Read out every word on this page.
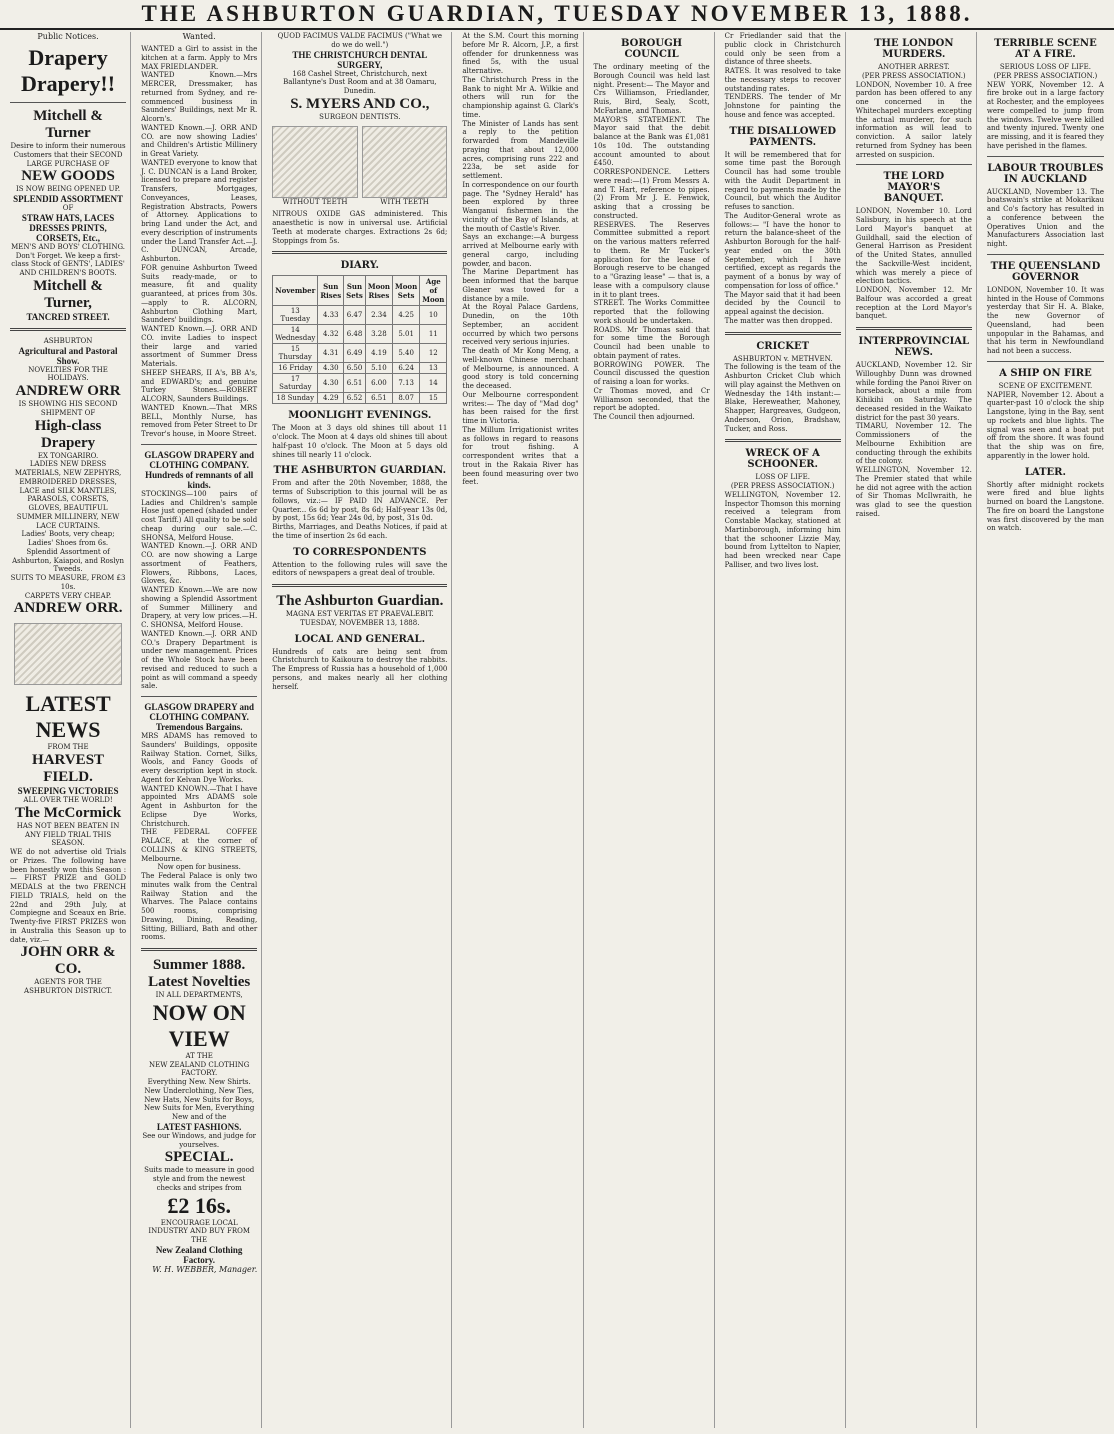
THE ASHBURTON GUARDIAN, TUESDAY NOVEMBER 13, 1888.
Public Notices.
Drapery Drapery!!
Mitchell & Turner
Desire to inform their numerous Customers that their SECOND LARGE PURCHASE OF
NEW GOODS
IS NOW BEING OPENED UP.
SPLENDID ASSORTMENT
OF
STRAW HATS, LACES DRESSES PRINTS, CORSETS, Etc.,
MEN'S AND BOYS' CLOTHING.
Don't Forget. We keep a first-class Stock of GENTS', LADIES' AND CHILDREN'S BOOTS.
Mitchell & Turner,
TANCRED STREET.
ASHBURTON
Agricultural and Pastoral Show.
NOVELTIES FOR THE HOLIDAYS.
ANDREW ORR
IS SHOWING HIS SECOND SHIPMENT OF
High-class Drapery
EX TONGARIRO.
LADIES NEW DRESS MATERIALS, NEW ZEPHYRS, EMBROIDERED DRESSES, LACE and SILK MANTLES, PARASOLS, CORSETS, GLOVES, BEAUTIFUL SUMMER MILLINERY, NEW LACE CURTAINS.
Ladies' Boots, very cheap; Ladies' Shoes from 6s.
Splendid Assortment of Ashburton, Kaiapoi, and Roslyn Tweeds.
SUITS TO MEASURE, FROM £3 10s.
CARPETS VERY CHEAP.
ANDREW ORR.
LATEST NEWS
FROM THE
HARVEST FIELD.
SWEEPING VICTORIES
ALL OVER THE WORLD!
The McCormick
HAS NOT BEEN BEATEN IN ANY FIELD TRIAL THIS SEASON.
WE do not advertise old Trials or Prizes. The following have been honestly won this Season :— FIRST PRIZE and GOLD MEDALS at the two FRENCH FIELD TRIALS, held on the 22nd and 29th July, at Compiegne and Sceaux en Brie. Twenty-five FIRST PRIZES won in Australia this Season up to date, viz.—
JOHN ORR & CO.
AGENTS FOR THE ASHBURTON DISTRICT.
Wanted.
WANTED a Girl to assist in the kitchen at a farm. Apply to Mrs MAX FRIEDLANDER.
WANTED Known.—Mrs MERCER, Dressmaker, has returned from Sydney, and re-commenced business in Saunders' Buildings, next Mr R. Alcorn's.
WANTED Known.—J. ORR AND CO. are now showing Ladies' and Children's Artistic Millinery in Great Variety.
WANTED everyone to know that J. C. DUNCAN is a Land Broker, licensed to prepare and register Transfers, Mortgages, Conveyances, Leases, Registration Abstracts, Powers of Attorney. Applications to bring Land under the Act, and every description of instruments under the Land Transfer Act.—J. C. DUNCAN, Arcade, Ashburton.
FOR genuine Ashburton Tweed Suits ready-made, or to measure, fit and quality guaranteed, at prices from 30s.—apply to R. ALCORN, Ashburton Clothing Mart, Saunders' buildings.
WANTED Known.—J. ORR AND CO. invite Ladies to inspect their large and varied assortment of Summer Dress Materials.
SHEEP SHEARS, II A's, BB A's, and EDWARD's; and genuine Turkey Stones.—ROBERT ALCORN, Saunders Buildings.
WANTED Known.—That MRS BELL, Monthly Nurse, has removed from Peter Street to Dr Trevor's house, in Moore Street.
GLASGOW DRAPERY and CLOTHING COMPANY. Hundreds of remnants of all kinds.
STOCKINGS—100 pairs of Ladies and Children's sample Hose just opened (shaded under cost Tariff.) All quality to be sold cheap during our sale.—C. SHONSA, Melford House.
WANTED Known.—J. ORR AND CO. are now showing a Large assortment of Feathers, Flowers, Ribbons, Laces, Gloves, &c.
WANTED Known.—We are now showing a Splendid Assortment of Summer Millinery and Drapery, at very low prices.—H. C. SHONSA, Melford House.
WANTED Known.—J. ORR AND CO.'s Drapery Department is under new management. Prices of the Whole Stock have been revised and reduced to such a point as will command a speedy sale.
GLASGOW DRAPERY and CLOTHING COMPANY. Tremendous Bargains.
MRS ADAMS has removed to Saunders' Buildings, opposite Railway Station. Cornet, Silks, Wools, and Fancy Goods of every description kept in stock. Agent for Kelvan Dye Works.
WANTED KNOWN.—That I have appointed Mrs ADAMS sole Agent in Ashburton for the Eclipse Dye Works, Christchurch.
THE FEDERAL COFFEE PALACE, at the corner of COLLINS & KING STREETS, Melbourne.
Now open for business.
The Federal Palace is only two minutes walk from the Central Railway Station and the Wharves. The Palace contains 500 rooms, comprising Drawing, Dining, Reading, Sitting, Billiard, Bath and other rooms.
Summer 1888.
Latest Novelties
IN ALL DEPARTMENTS,
NOW ON VIEW
AT THE
NEW ZEALAND CLOTHING FACTORY.
Everything New. New Shirts. New Underclothing, New Ties, New Hats, New Suits for Boys, New Suits for Men, Everything New and of the
LATEST FASHIONS.
See our Windows, and judge for yourselves.
SPECIAL.
Suits made to measure in good style and from the newest checks and stripes from
£2 16s.
ENCOURAGE LOCAL INDUSTRY AND BUY FROM THE
New Zealand Clothing Factory.
W. H. WEBBER, Manager.
QUOD FACIMUS VALDE FACIMUS ("What we do we do well.")
THE CHRISTCHURCH DENTAL SURGERY,
168 Cashel Street, Christchurch, next Ballantyne's Dust Room and at 38 Oamaru, Dunedin.
S. MYERS AND CO.,
SURGEON DENTISTS.
WITHOUT TEETH	WITH TEETH
NITROUS OXIDE GAS administered. This anaesthetic is now in universal use. Artificial Teeth at moderate charges. Extractions 2s 6d; Stoppings from 5s.
DIARY.
November	Sun Rises	Sun Sets	Moon Rises	Moon Sets	Age of Moon
13 Tuesday	4.33	6.47	2.34	4.25	10
14 Wednesday	4.32	6.48	3.28	5.01	11
15 Thursday	4.31	6.49	4.19	5.40	12
16 Friday	4.30	6.50	5.10	6.24	13
17 Saturday	4.30	6.51	6.00	7.13	14
18 Sunday	4.29	6.52	6.51	8.07	15
MOONLIGHT EVENINGS.
The Moon at 3 days old shines till about 11 o'clock. The Moon at 4 days old shines till about half-past 10 o'clock. The Moon at 5 days old shines till nearly 11 o'clock.
THE ASHBURTON GUARDIAN.
From and after the 20th November, 1888, the terms of Subscription to this journal will be as follows, viz.:— IF PAID IN ADVANCE. Per Quarter... 6s 6d by post, 8s 6d; Half-year 13s 0d, by post, 15s 6d; Year 24s 0d, by post, 31s 0d.
Births, Marriages, and Deaths Notices, if paid at the time of insertion 2s 6d each.
TO CORRESPONDENTS
Attention to the following rules will save the editors of newspapers a great deal of trouble.
The Ashburton Guardian.
MAGNA EST VERITAS ET PRAEVALEBIT.
TUESDAY, NOVEMBER 13, 1888.
LOCAL AND GENERAL.
Hundreds of cats are being sent from Christchurch to Kaikoura to destroy the rabbits. The Empress of Russia has a household of 1,000 persons, and makes nearly all her clothing herself.
At the S.M. Court this morning before Mr R. Alcorn, J.P., a first offender for drunkenness was fined 5s, with the usual alternative.
The Christchurch Press in the Bank to night Mr A. Wilkie and others will run for the championship against G. Clark's time.
The Minister of Lands has sent a reply to the petition forwarded from Mandeville praying that about 12,000 acres, comprising runs 222 and 223a, be set aside for settlement.
In correspondence on our fourth page. The "Sydney Herald" has been explored by three Wanganui fishermen in the vicinity of the Bay of Islands, at the mouth of Castle's River.
Says an exchange:—A burgess arrived at Melbourne early with general cargo, including powder, and bacon.
The Marine Department has been informed that the barque Gleaner was towed for a distance by a mile.
At the Royal Palace Gardens, Dunedin, on the 10th September, an accident occurred by which two persons received very serious injuries.
The death of Mr Kong Meng, a well-known Chinese merchant of Melbourne, is announced. A good story is told concerning the deceased.
Our Melbourne correspondent writes:— The day of "Mad dog" has been raised for the first time in Victoria.
The Millum Irrigationist writes as follows in regard to reasons for trout fishing. A correspondent writes that a trout in the Rakaia River has been found measuring over two feet.
BOROUGH COUNCIL
The ordinary meeting of the Borough Council was held last night. Present:— The Mayor and Crs Williamson, Friedlander, Ruis, Bird, Sealy, Scott, McFarlane, and Thomas.
MAYOR'S STATEMENT. The Mayor said that the debit balance at the Bank was £1,081 10s 10d. The outstanding account amounted to about £450.
CORRESPONDENCE. Letters were read:—(1) From Messrs A. and T. Hart, reference to pipes. (2) From Mr J. E. Fenwick, asking that a crossing be constructed.
RESERVES. The Reserves Committee submitted a report on the various matters referred to them. Re Mr Tucker's application for the lease of Borough reserve to be changed to a "Grazing lease" — that is, a lease with a compulsory clause in it to plant trees.
STREET. The Works Committee reported that the following work should be undertaken.
ROADS. Mr Thomas said that for some time the Borough Council had been unable to obtain payment of rates.
BORROWING POWER. The Council discussed the question of raising a loan for works.
Cr Thomas moved, and Cr Williamson seconded, that the report be adopted.
The Council then adjourned.
Cr Friedlander said that the public clock in Christchurch could only be seen from a distance of three sheets.
RATES. It was resolved to take the necessary steps to recover outstanding rates.
TENDERS. The tender of Mr Johnstone for painting the house and fence was accepted.
THE DISALLOWED PAYMENTS.
It will be remembered that for some time past the Borough Council has had some trouble with the Audit Department in regard to payments made by the Council, but which the Auditor refuses to sanction.
The Auditor-General wrote as follows:— "I have the honor to return the balance-sheet of the Ashburton Borough for the half-year ended on the 30th September, which I have certified, except as regards the payment of a bonus by way of compensation for loss of office."
The Mayor said that it had been decided by the Council to appeal against the decision.
The matter was then dropped.
CRICKET
ASHBURTON v. METHVEN.
The following is the team of the Ashburton Cricket Club which will play against the Methven on Wednesday the 14th instant:—Blake, Hereweather, Mahoney, Shapper, Hargreaves, Gudgeon, Anderson, Orion, Bradshaw, Tucker, and Ross.
WRECK OF A SCHOONER.
LOSS OF LIFE.
(PER PRESS ASSOCIATION.)
WELLINGTON, November 12. Inspector Thomson this morning received a telegram from Constable Mackay, stationed at Martinborough, informing him that the schooner Lizzie May, bound from Lyttelton to Napier, had been wrecked near Cape Palliser, and two lives lost.
THE LONDON MURDERS.
ANOTHER ARREST.
(PER PRESS ASSOCIATION.)
LONDON, November 10. A free pardon has been offered to any one concerned in the Whitechapel murders excepting the actual murderer, for such information as will lead to conviction. A sailor lately returned from Sydney has been arrested on suspicion.
THE LORD MAYOR'S BANQUET.
LONDON, November 10. Lord Salisbury, in his speech at the Lord Mayor's banquet at Guildhall, said the election of General Harrison as President of the United States, annulled the Sackville-West incident, which was merely a piece of election tactics.
LONDON, November 12. Mr Balfour was accorded a great reception at the Lord Mayor's banquet.
INTERPROVINCIAL NEWS.
AUCKLAND, November 12. Sir Willoughby Dunn was drowned while fording the Panoi River on horseback, about a mile from Kihikihi on Saturday. The deceased resided in the Waikato district for the past 30 years.
TIMARU, November 12. The Commissioners of the Melbourne Exhibition are conducting through the exhibits of the colony.
WELLINGTON, November 12. The Premier stated that while he did not agree with the action of Sir Thomas McIlwraith, he was glad to see the question raised.
TERRIBLE SCENE AT A FIRE.
SERIOUS LOSS OF LIFE.
(PER PRESS ASSOCIATION.)
NEW YORK, November 12. A fire broke out in a large factory at Rochester, and the employees were compelled to jump from the windows. Twelve were killed and twenty injured. Twenty one are missing, and it is feared they have perished in the flames.
LABOUR TROUBLES IN AUCKLAND
AUCKLAND, November 13. The boatswain's strike at Mokarikau and Co's factory has resulted in a conference between the Operatives Union and the Manufacturers Association last night.
THE QUEENSLAND GOVERNOR
LONDON, November 10. It was hinted in the House of Commons yesterday that Sir H. A. Blake, the new Governor of Queensland, had been unpopular in the Bahamas, and that his term in Newfoundland had not been a success.
A SHIP ON FIRE
SCENE OF EXCITEMENT.
NAPIER, November 12. About a quarter-past 10 o'clock the ship Langstone, lying in the Bay, sent up rockets and blue lights. The signal was seen and a boat put off from the shore. It was found that the ship was on fire, apparently in the lower hold.
LATER.
Shortly after midnight rockets were fired and blue lights burned on board the Langstone. The fire on board the Langstone was first discovered by the man on watch.
